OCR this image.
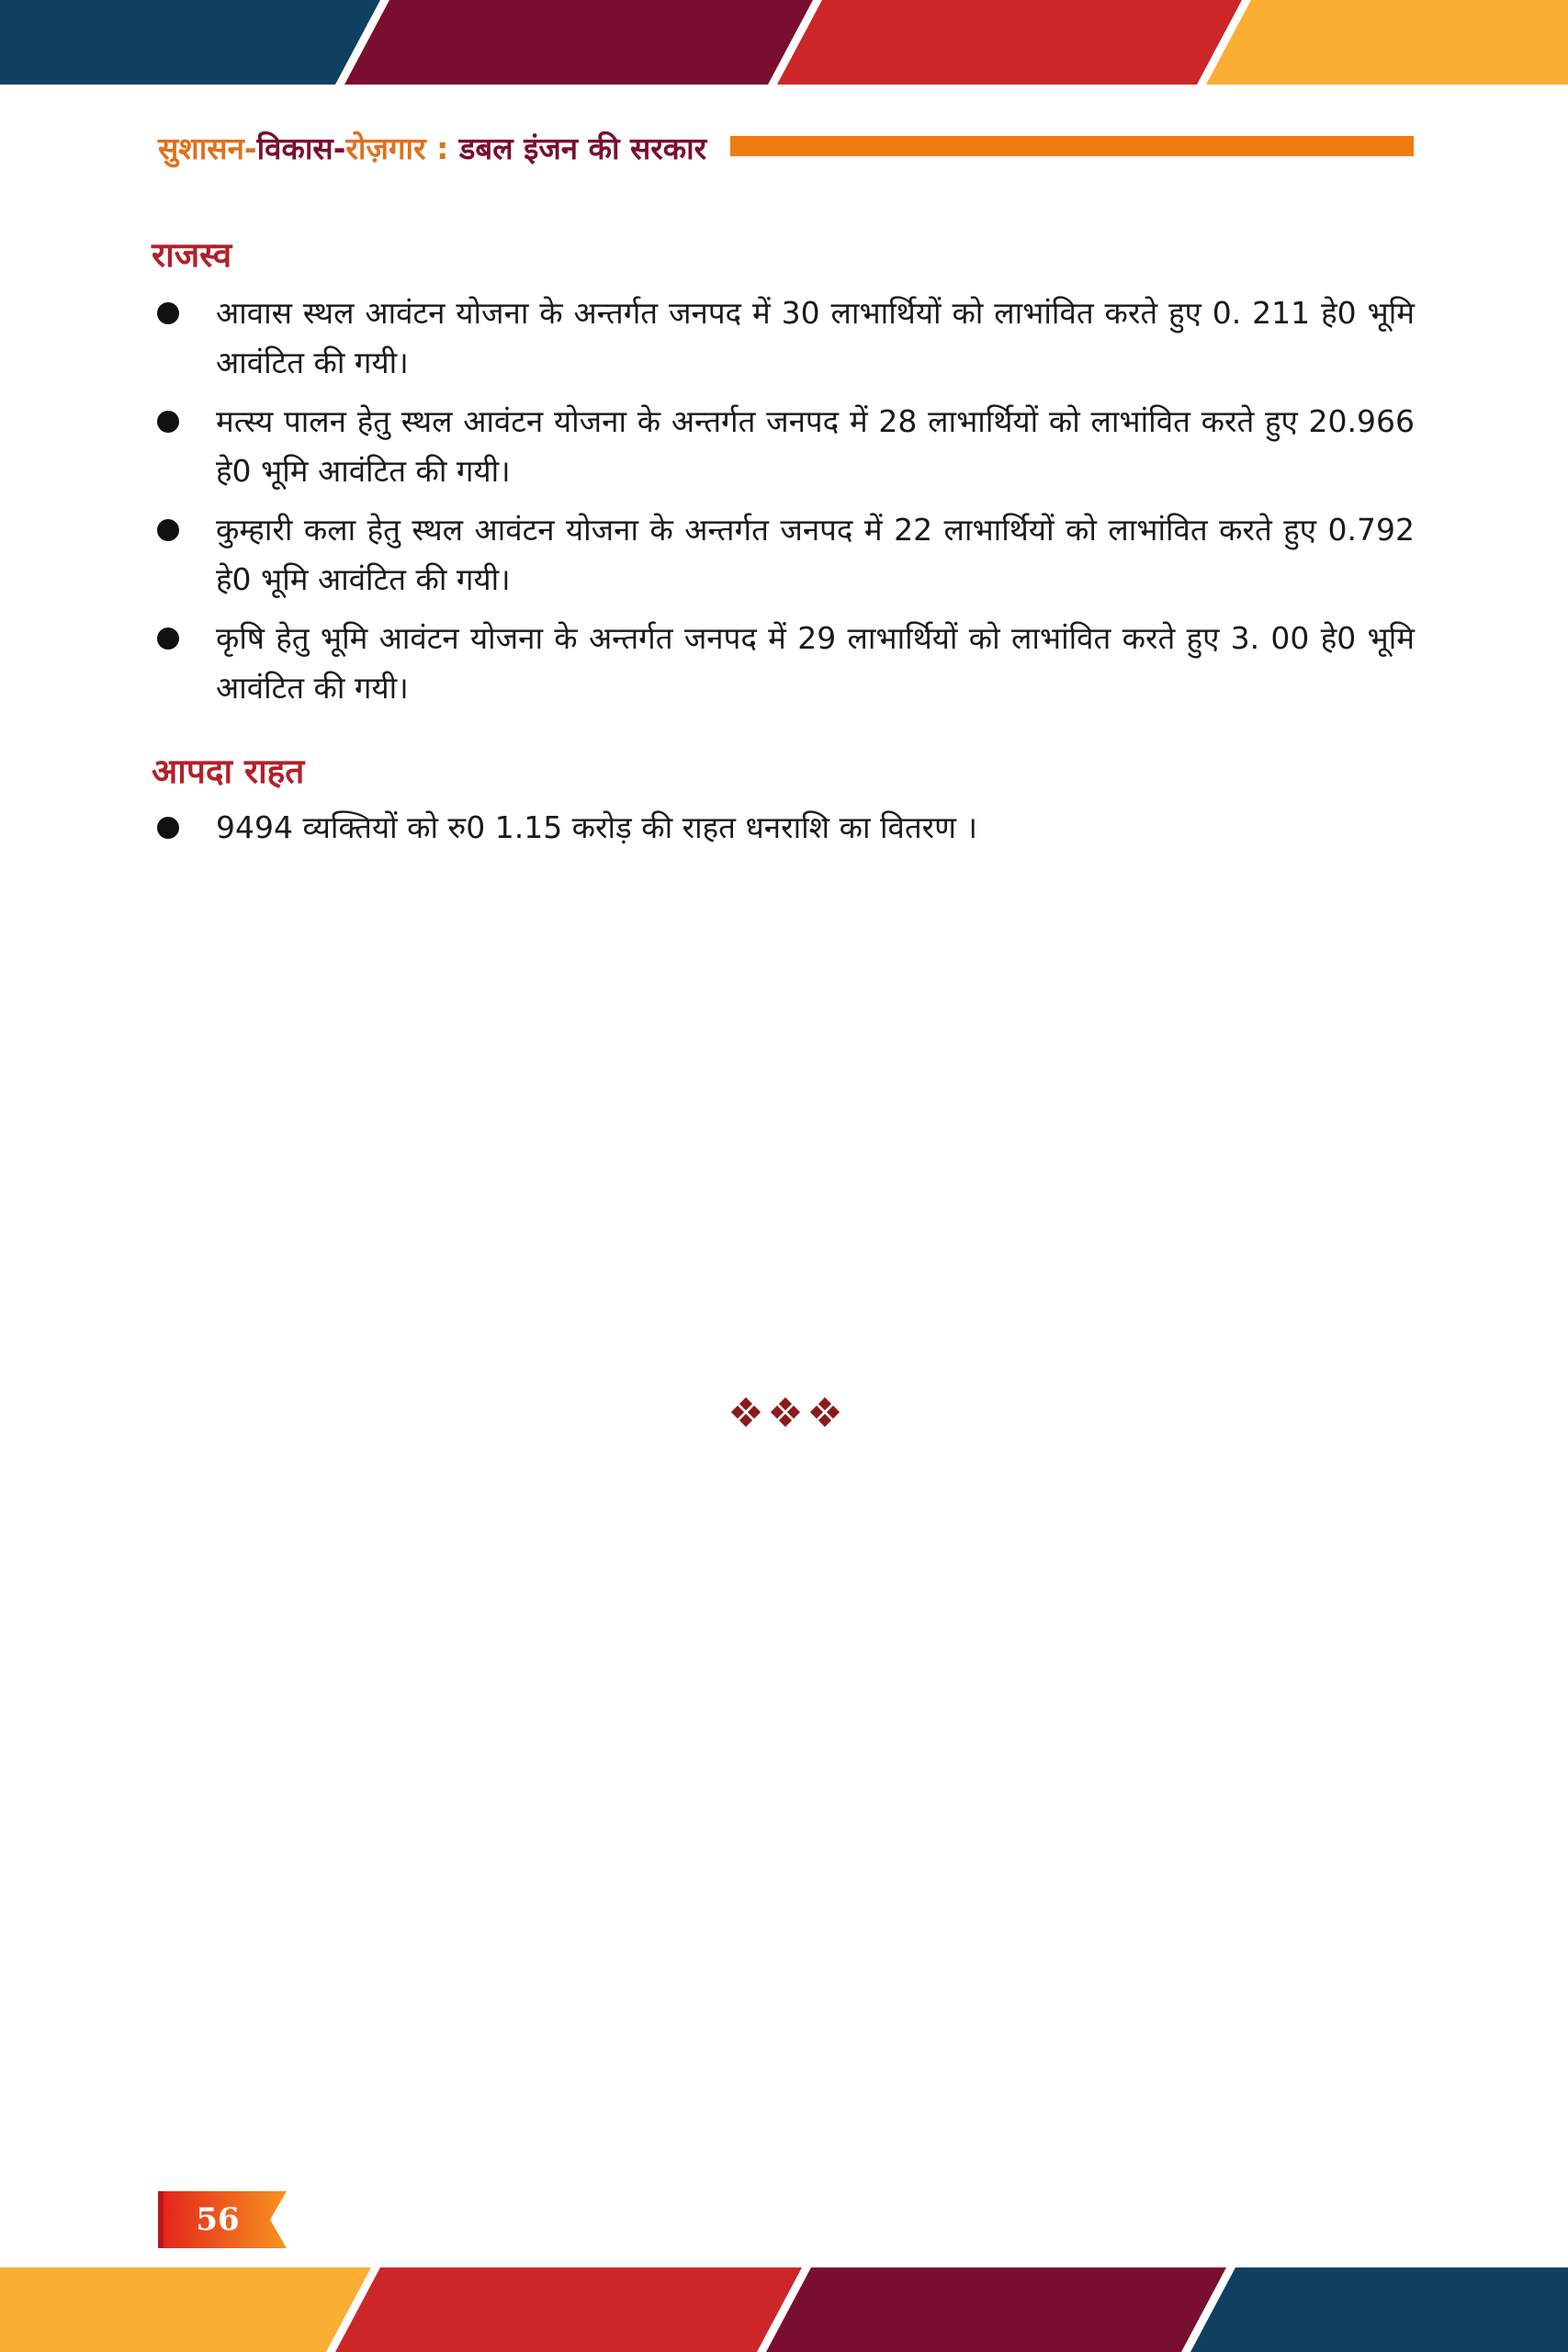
सुशासन-विकास-रोज़गार : डबल इंजन की सरकार
राजस्व
आवास स्थल आवंटन योजना के अन्तर्गत जनपद में 30 लाभार्थियों को लाभांवित करते हुए 0. 211 हे0 भूमि आवंटित की गयी।
मत्स्य पालन हेतु स्थल आवंटन योजना के अन्तर्गत जनपद में 28 लाभार्थियों को लाभांवित करते हुए 20.966 हे0 भूमि आवंटित की गयी।
कुम्हारी कला हेतु स्थल आवंटन योजना के अन्तर्गत जनपद में 22 लाभार्थियों को लाभांवित करते हुए 0.792 हे0 भूमि आवंटित की गयी।
कृषि हेतु भूमि आवंटन योजना के अन्तर्गत जनपद में 29 लाभार्थियों को लाभांवित करते हुए 3. 00 हे0 भूमि आवंटित की गयी।
आपदा राहत
9494 व्यक्तियों को रु0 1.15 करोड़ की राहत धनराशि का वितरण ।
56
